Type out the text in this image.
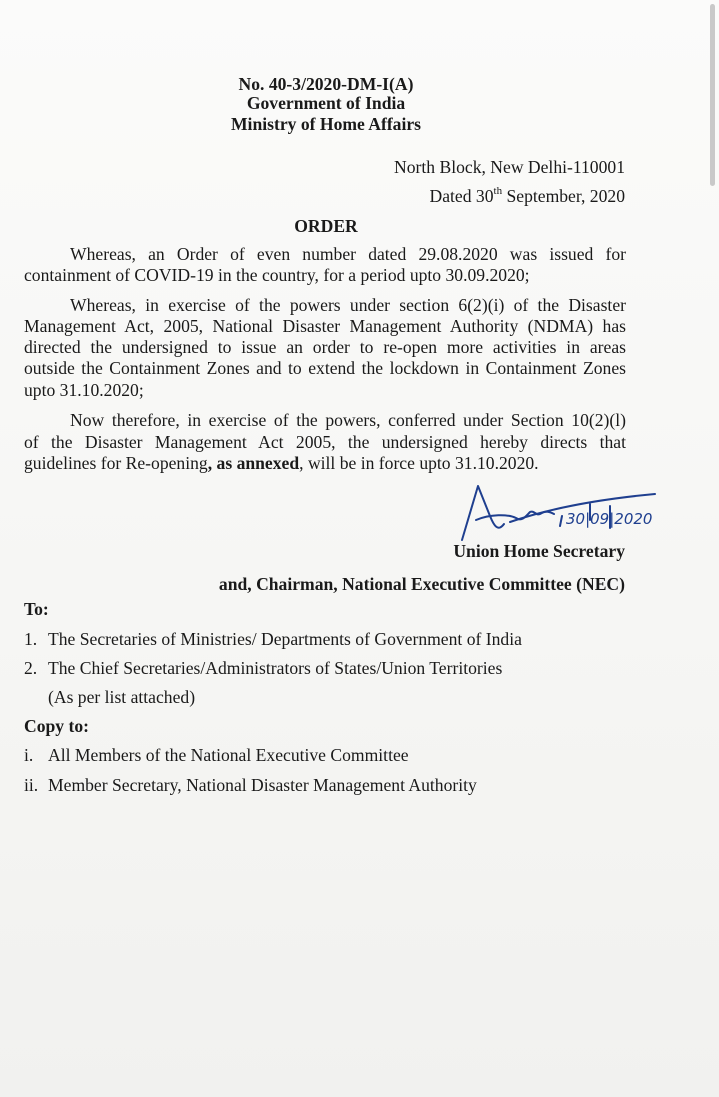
No. 40-3/2020-DM-I(A)
Government of India
Ministry of Home Affairs
North Block, New Delhi-110001
Dated 30th September, 2020
ORDER
Whereas, an Order of even number dated 29.08.2020 was issued for
containment of COVID-19 in the country, for a period upto 30.09.2020;
Whereas, in exercise of the powers under section 6(2)(i) of the Disaster
Management Act, 2005, National Disaster Management Authority (NDMA) has
directed the undersigned to issue an order to re-open more activities in areas
outside the Containment Zones and to extend the lockdown in Containment Zones
upto 31.10.2020;
Now therefore, in exercise of the powers, conferred under Section 10(2)(l)
of the Disaster Management Act 2005, the undersigned hereby directs that
guidelines for Re-opening, as annexed, will be in force upto 31.10.2020.
30|09|2020
Union Home Secretary
and, Chairman, National Executive Committee (NEC)
To:
1. The Secretaries of Ministries/ Departments of Government of India
2. The Chief Secretaries/Administrators of States/Union Territories
(As per list attached)
Copy to:
i. All Members of the National Executive Committee
ii. Member Secretary, National Disaster Management Authority
